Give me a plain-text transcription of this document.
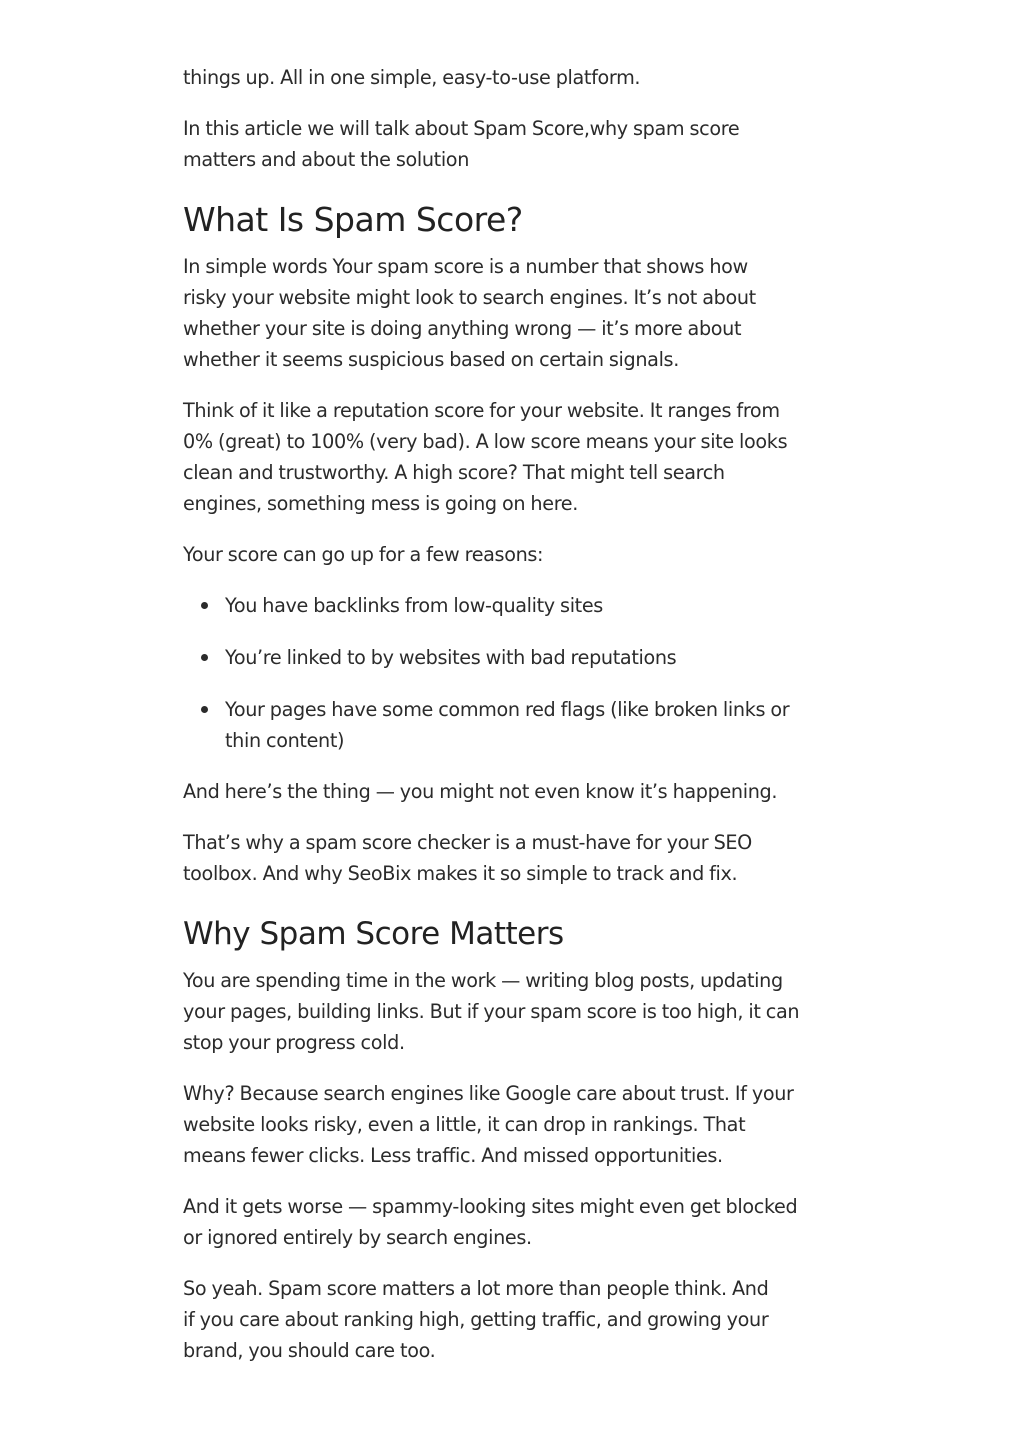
things up. All in one simple, easy-to-use platform.

In this article we will talk about Spam Score,why spam score matters and about the solution

What Is Spam Score?

In simple words Your spam score is a number that shows how risky your website might look to search engines. It’s not about whether your site is doing anything wrong — it’s more about whether it seems suspicious based on certain signals.

Think of it like a reputation score for your website. It ranges from 0% (great) to 100% (very bad). A low score means your site looks clean and trustworthy. A high score? That might tell search engines, something mess is going on here.

Your score can go up for a few reasons:

You have backlinks from low-quality sites
You’re linked to by websites with bad reputations
Your pages have some common red flags (like broken links or thin content)

And here’s the thing — you might not even know it’s happening.

That’s why a spam score checker is a must-have for your SEO toolbox. And why SeoBix makes it so simple to track and fix.

Why Spam Score Matters

You are spending time in the work — writing blog posts, updating your pages, building links. But if your spam score is too high, it can stop your progress cold.

Why? Because search engines like Google care about trust. If your website looks risky, even a little, it can drop in rankings. That means fewer clicks. Less traffic. And missed opportunities.

And it gets worse — spammy-looking sites might even get blocked or ignored entirely by search engines.

So yeah. Spam score matters a lot more than people think. And if you care about ranking high, getting traffic, and growing your brand, you should care too.
